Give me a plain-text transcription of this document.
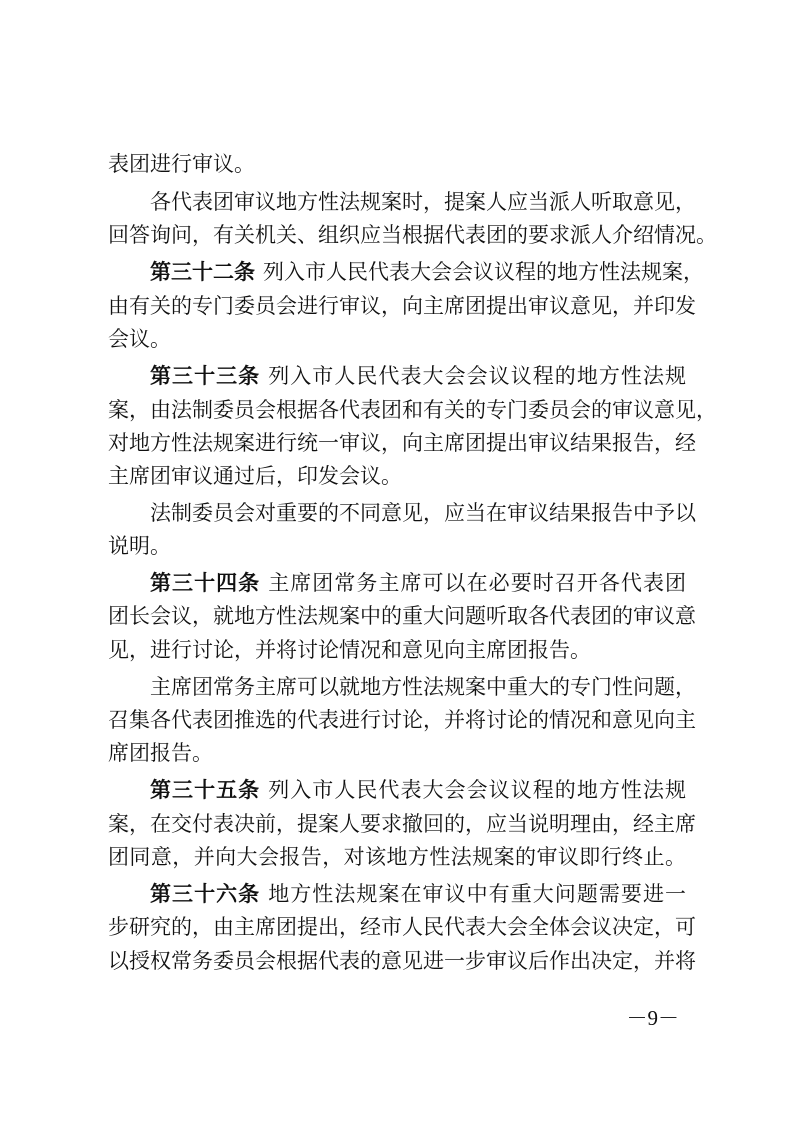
表团进行审议。
各代表团审议地方性法规案时，提案人应当派人听取意见，
回答询问，有关机关、组织应当根据代表团的要求派人介绍情况。
第三十二条 列入市人民代表大会会议议程的地方性法规案，
由有关的专门委员会进行审议，向主席团提出审议意见，并印发
会议。
第三十三条 列入市人民代表大会会议议程的地方性法规
案，由法制委员会根据各代表团和有关的专门委员会的审议意见，
对地方性法规案进行统一审议，向主席团提出审议结果报告，经
主席团审议通过后，印发会议。
法制委员会对重要的不同意见，应当在审议结果报告中予以
说明。
第三十四条 主席团常务主席可以在必要时召开各代表团
团长会议，就地方性法规案中的重大问题听取各代表团的审议意
见，进行讨论，并将讨论情况和意见向主席团报告。
主席团常务主席可以就地方性法规案中重大的专门性问题，
召集各代表团推选的代表进行讨论，并将讨论的情况和意见向主
席团报告。
第三十五条 列入市人民代表大会会议议程的地方性法规
案，在交付表决前，提案人要求撤回的，应当说明理由，经主席
团同意，并向大会报告，对该地方性法规案的审议即行终止。
第三十六条 地方性法规案在审议中有重大问题需要进一
步研究的，由主席团提出，经市人民代表大会全体会议决定，可
以授权常务委员会根据代表的意见进一步审议后作出决定，并将
－9－
